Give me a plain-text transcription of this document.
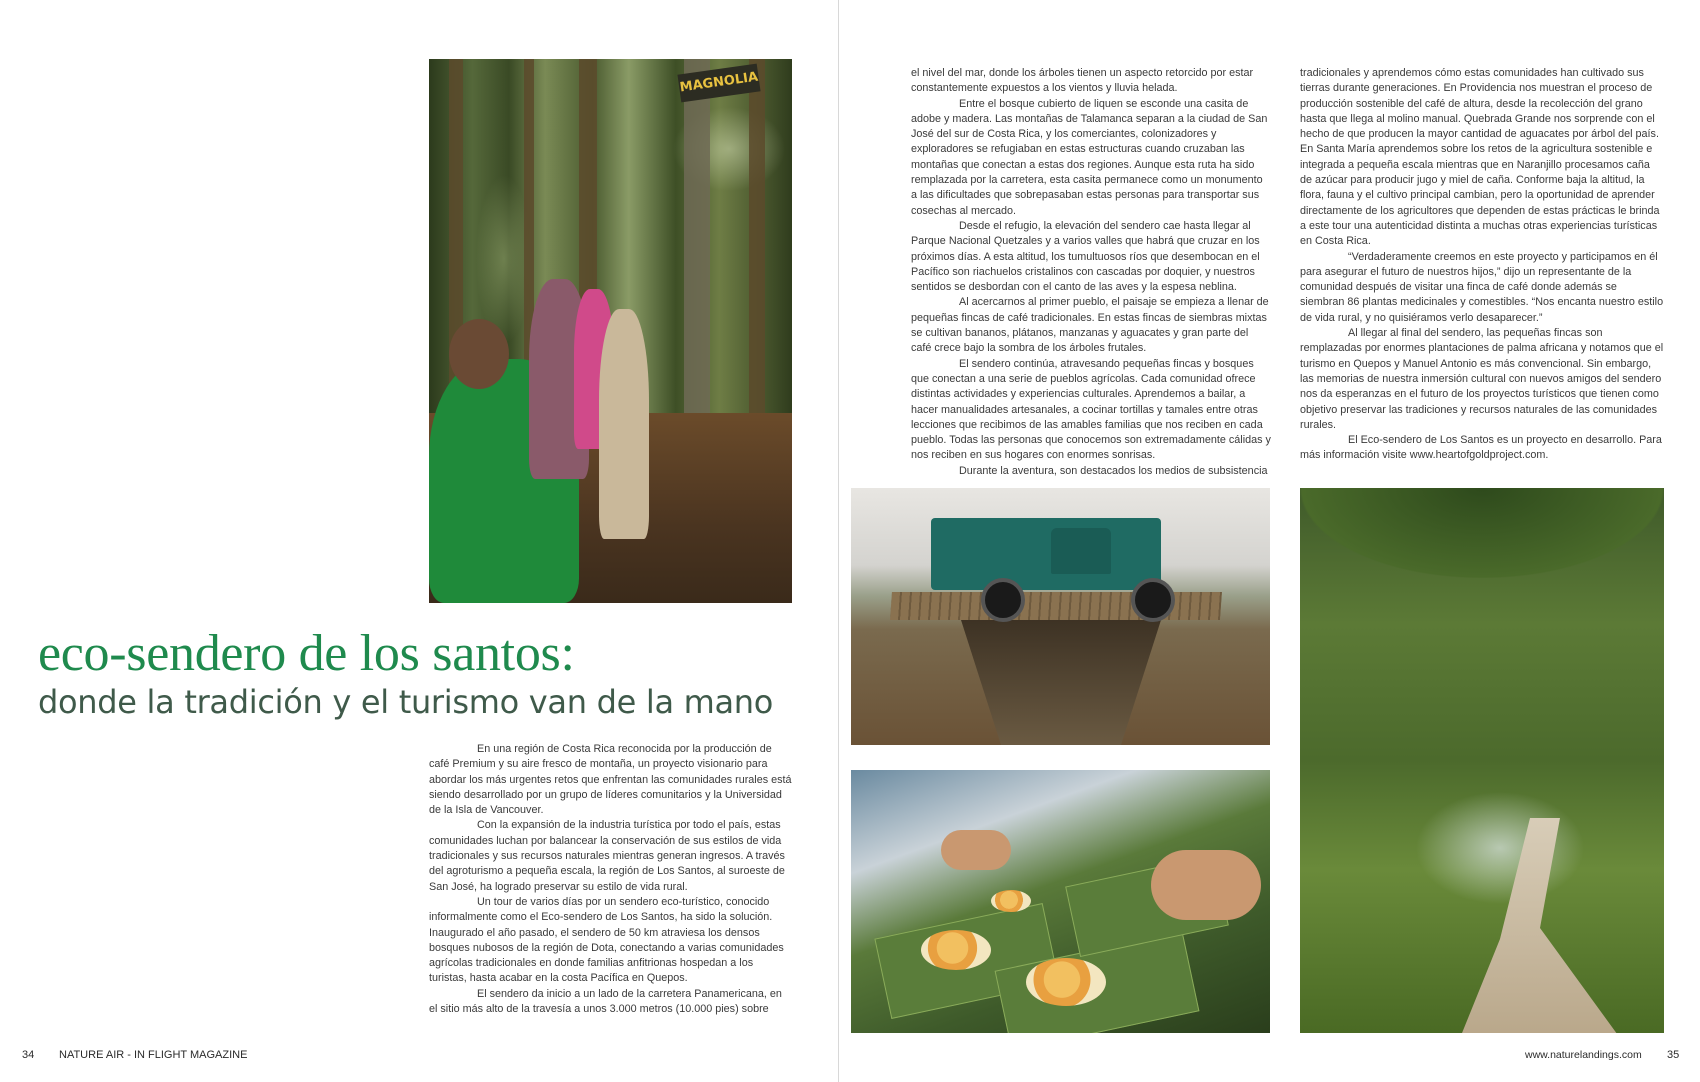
MAGNOLIA
eco-sendero de los santos:
donde la tradición y el turismo van de la mano

En una región de Costa Rica reconocida por la producción de café Premium y su aire fresco de montaña, un proyecto visionario para abordar los más urgentes retos que enfrentan las comunidades rurales está siendo desarrollado por un grupo de líderes comunitarios y la Universidad de la Isla de Vancouver.

Con la expansión de la industria turística por todo el país, estas comunidades luchan por balancear la conservación de sus estilos de vida tradicionales y sus recursos naturales mientras generan ingresos. A través del agroturismo a pequeña escala, la región de Los Santos, al suroeste de San José, ha logrado preservar su estilo de vida rural.

Un tour de varios días por un sendero eco-turístico, conocido informalmente como el Eco-sendero de Los Santos, ha sido la solución. Inaugurado el año pasado, el sendero de 50 km atraviesa los densos bosques nubosos de la región de Dota, conectando a varias comunidades agrícolas tradicionales en donde familias anfitrionas hospedan a los turistas, hasta acabar en la costa Pacífica en Quepos.

El sendero da inicio a un lado de la carretera Panamericana, en el sitio más alto de la travesía a unos 3.000 metros (10.000 pies) sobre

el nivel del mar, donde los árboles tienen un aspecto retorcido por estar constantemente expuestos a los vientos y lluvia helada.

Entre el bosque cubierto de liquen se esconde una casita de adobe y madera. Las montañas de Talamanca separan a la ciudad de San José del sur de Costa Rica, y los comerciantes, colonizadores y exploradores se refugiaban en estas estructuras cuando cruzaban las montañas que conectan a estas dos regiones. Aunque esta ruta ha sido remplazada por la carretera, esta casita permanece como un monumento a las dificultades que sobrepasaban estas personas para transportar sus cosechas al mercado.

Desde el refugio, la elevación del sendero cae hasta llegar al Parque Nacional Quetzales y a varios valles que habrá que cruzar en los próximos días. A esta altitud, los tumultuosos ríos que desembocan en el Pacífico son riachuelos cristalinos con cascadas por doquier, y nuestros sentidos se desbordan con el canto de las aves y la espesa neblina.

Al acercarnos al primer pueblo, el paisaje se empieza a llenar de pequeñas fincas de café tradicionales. En estas fincas de siembras mixtas se cultivan bananos, plátanos, manzanas y aguacates y gran parte del café crece bajo la sombra de los árboles frutales.

El sendero continúa, atravesando pequeñas fincas y bosques que conectan a una serie de pueblos agrícolas. Cada comunidad ofrece distintas actividades y experiencias culturales. Aprendemos a bailar, a hacer manualidades artesanales, a cocinar tortillas y tamales entre otras lecciones que recibimos de las amables familias que nos reciben en cada pueblo. Todas las personas que conocemos son extremadamente cálidas y nos reciben en sus hogares con enormes sonrisas.

Durante la aventura, son destacados los medios de subsistencia

tradicionales y aprendemos cómo estas comunidades han cultivado sus tierras durante generaciones. En Providencia nos muestran el proceso de producción sostenible del café de altura, desde la recolección del grano hasta que llega al molino manual. Quebrada Grande nos sorprende con el hecho de que producen la mayor cantidad de aguacates por árbol del país. En Santa María aprendemos sobre los retos de la agricultura sostenible e integrada a pequeña escala mientras que en Naranjillo procesamos caña de azúcar para producir jugo y miel de caña. Conforme baja la altitud, la flora, fauna y el cultivo principal cambian, pero la oportunidad de aprender directamente de los agricultores que dependen de estas prácticas le brinda a este tour una autenticidad distinta a muchas otras experiencias turísticas en Costa Rica.

“Verdaderamente creemos en este proyecto y participamos en él para asegurar el futuro de nuestros hijos,” dijo un representante de la comunidad después de visitar una finca de café donde además se siembran 86 plantas medicinales y comestibles. “Nos encanta nuestro estilo de vida rural, y no quisiéramos verlo desaparecer.”

Al llegar al final del sendero, las pequeñas fincas son remplazadas por enormes plantaciones de palma africana y notamos que el turismo en Quepos y Manuel Antonio es más convencional. Sin embargo, las memorias de nuestra inmersión cultural con nuevos amigos del sendero nos da esperanzas en el futuro de los proyectos turísticos que tienen como objetivo preservar las tradiciones y recursos naturales de las comunidades rurales.

El Eco-sendero de Los Santos es un proyecto en desarrollo. Para más información visite www.heartofgoldproject.com.

34 NATURE AIR - IN FLIGHT MAGAZINE	www.naturelandings.com 35
